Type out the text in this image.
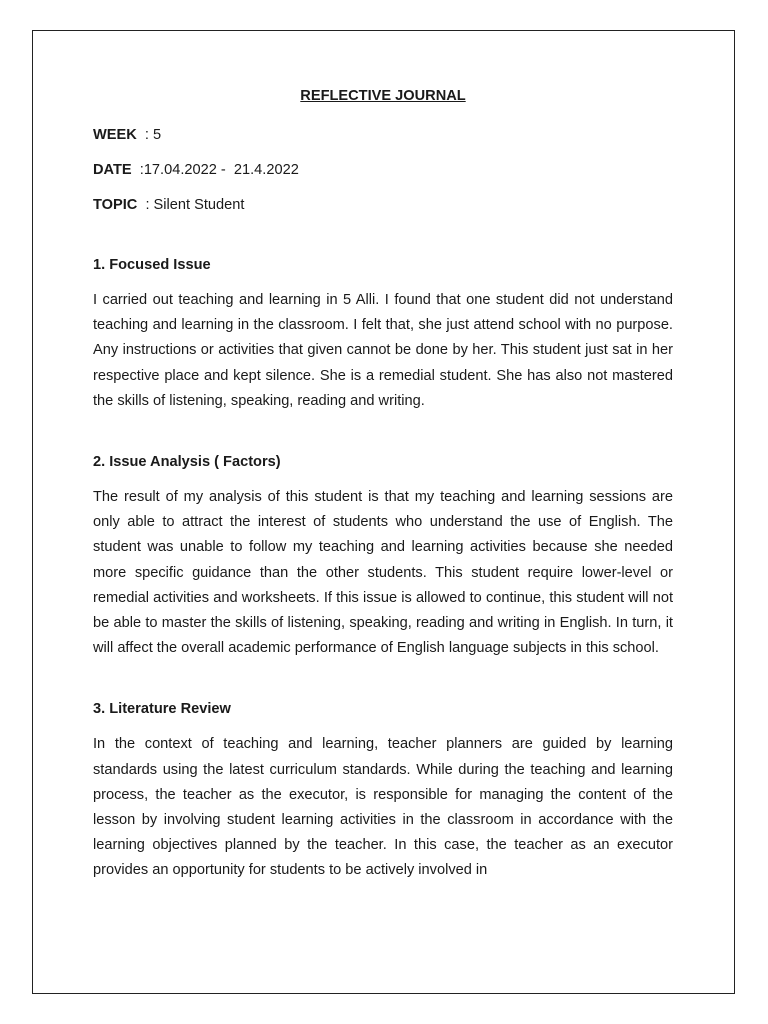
REFLECTIVE JOURNAL
WEEK  : 5
DATE  :17.04.2022 -  21.4.2022
TOPIC  : Silent Student
1. Focused Issue

I carried out teaching and learning in 5 Alli. I found that one student did not understand teaching and learning in the classroom. I felt that, she just attend school with no purpose. Any instructions or activities that given cannot be done by her. This student just sat in her respective place and kept silence. She is a remedial student. She has also not mastered the skills of listening, speaking, reading and writing.

2. Issue Analysis ( Factors)

The result of my analysis of this student is that my teaching and learning sessions are only able to attract the interest of students who understand the use of English. The student was unable to follow my teaching and learning activities because she needed more specific guidance than the other students. This student require lower-level or remedial activities and worksheets. If this issue is allowed to continue, this student will not be able to master the skills of listening, speaking, reading and writing in English. In turn, it will affect the overall academic performance of English language subjects in this school.

3. Literature Review

In the context of teaching and learning, teacher planners are guided by learning standards using the latest curriculum standards. While during the teaching and learning process, the teacher as the executor, is responsible for managing the content of the lesson by involving student learning activities in the classroom in accordance with the learning objectives planned by the teacher. In this case, the teacher as an executor provides an opportunity for students to be actively involved in
